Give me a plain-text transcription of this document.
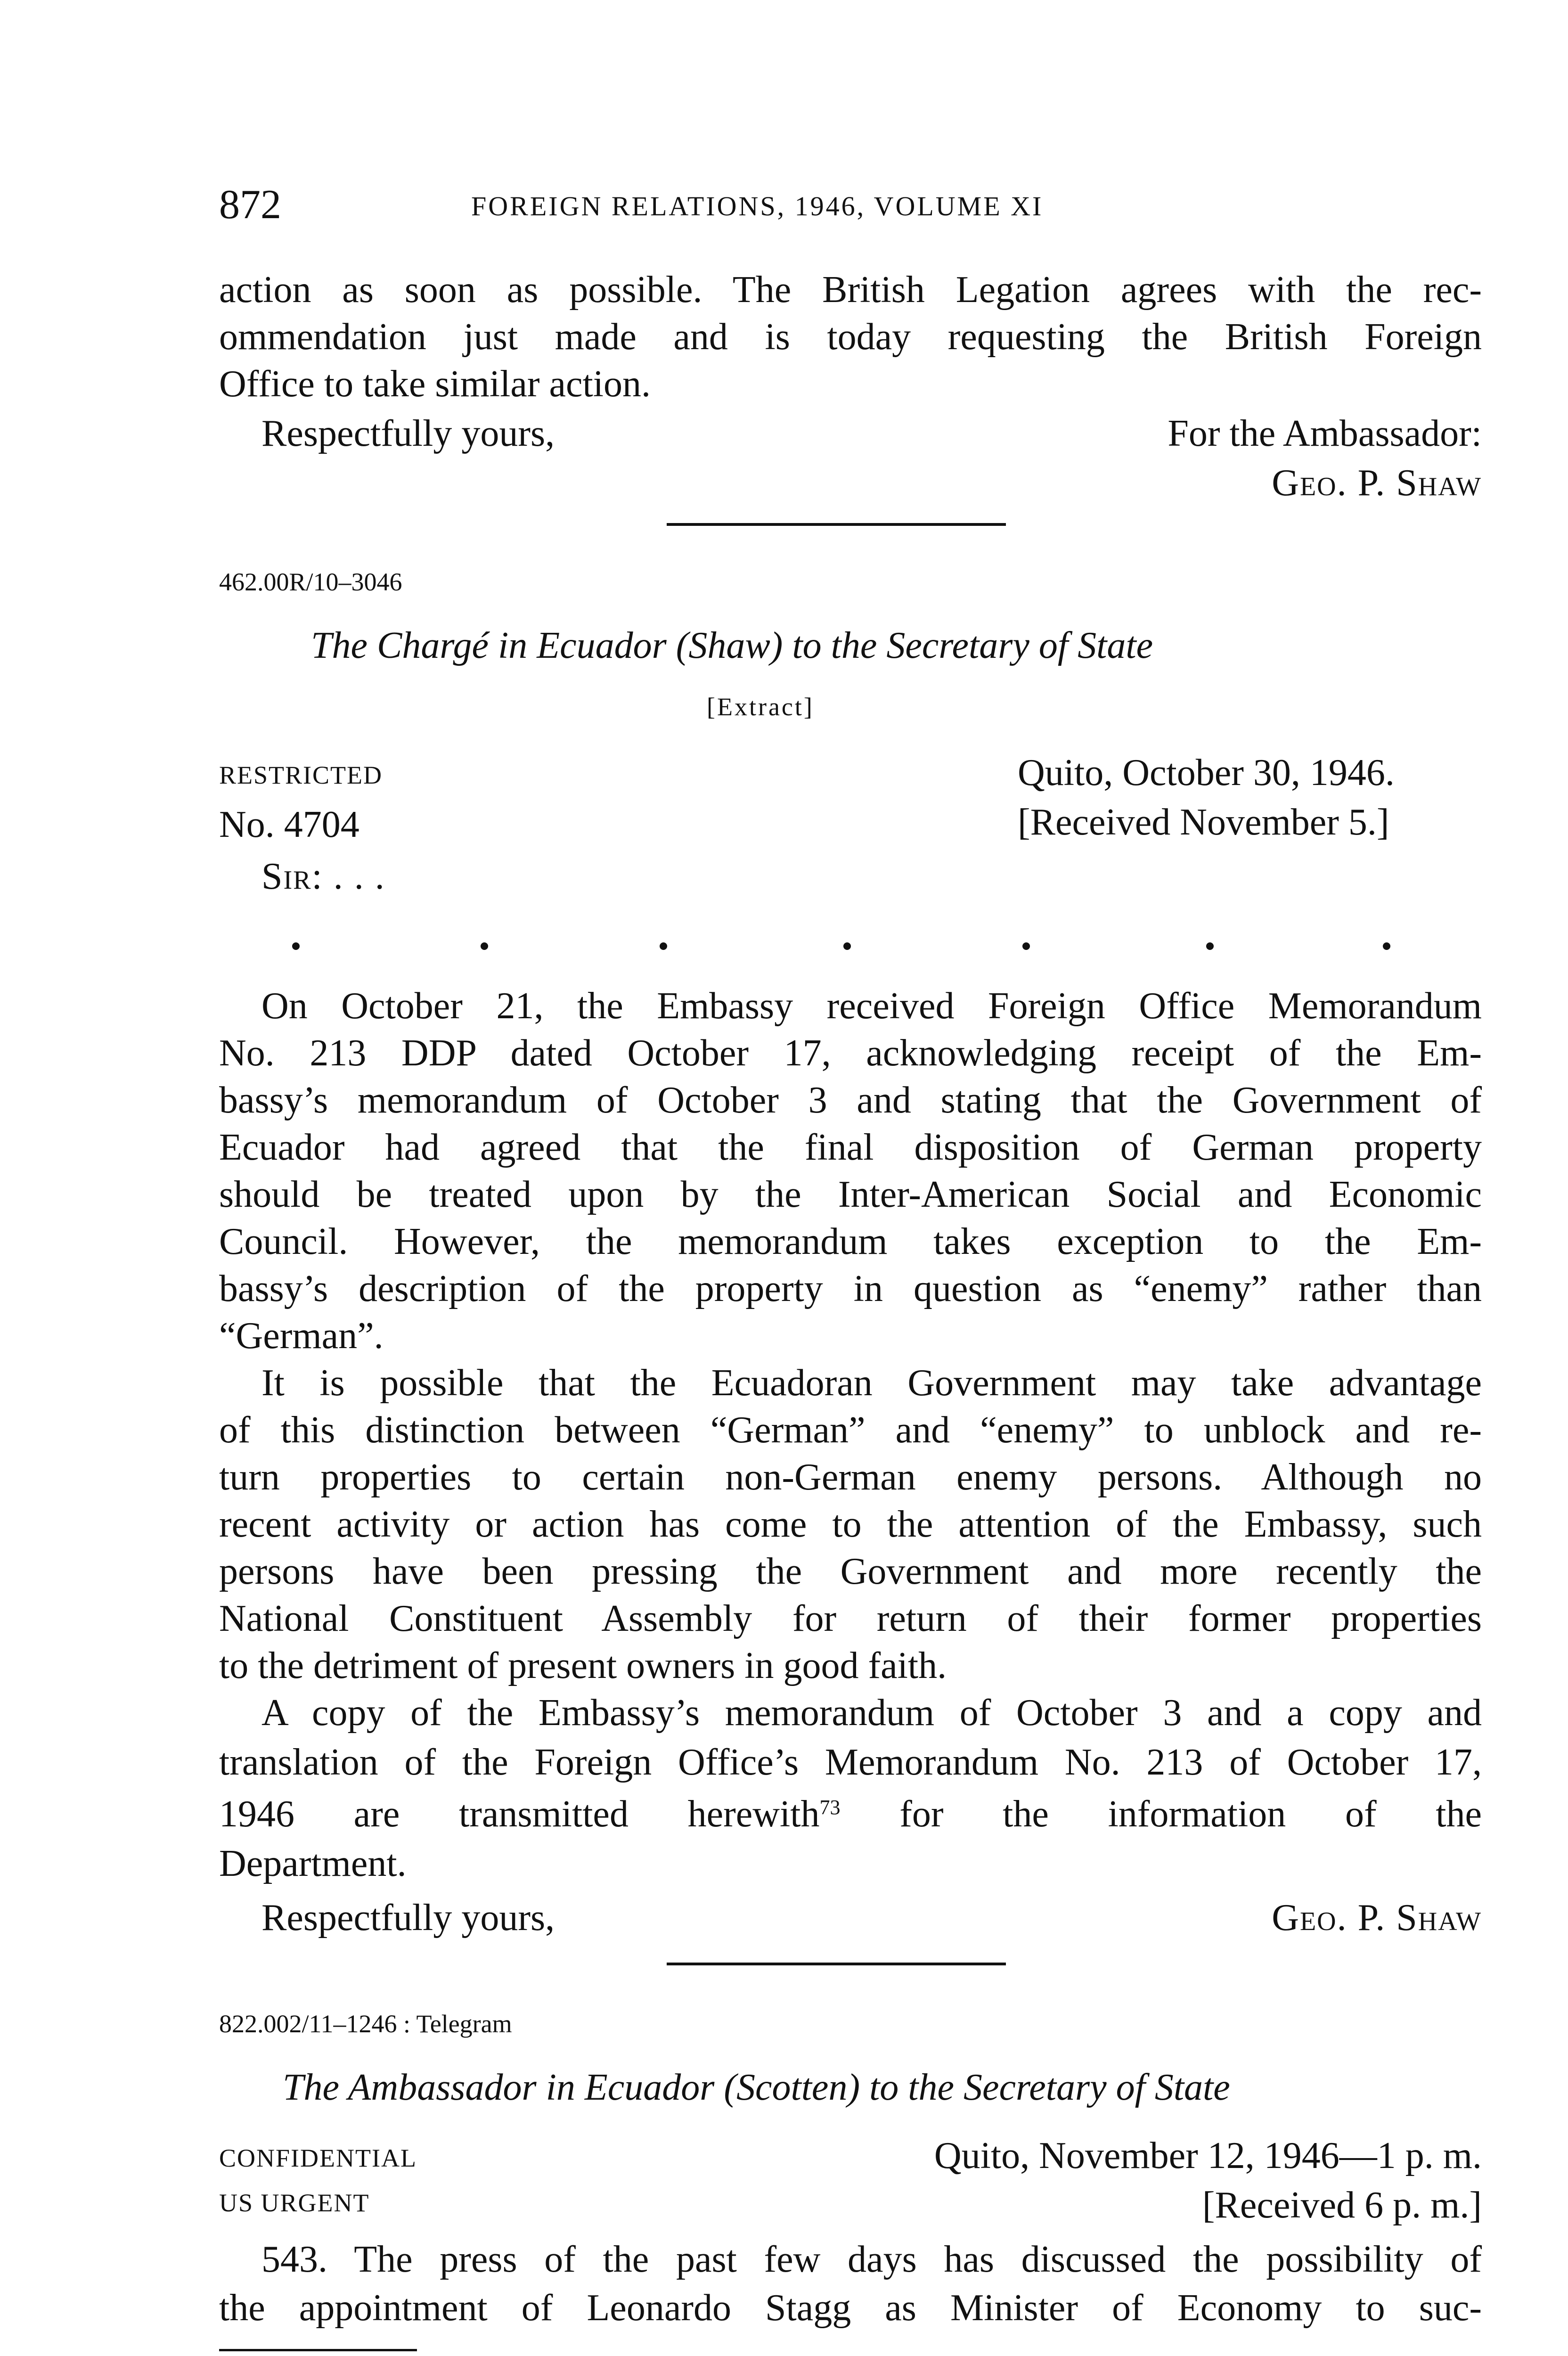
872	FOREIGN RELATIONS, 1946, VOLUME XI
action as soon as possible. The British Legation agrees with the rec-
ommendation just made and is today requesting the British Foreign
Office to take similar action.
Respectfully yours,	For the Ambassador:
Geo. P. Shaw
462.00R/10–3046
The Chargé in Ecuador (Shaw) to the Secretary of State
[Extract]
RESTRICTED
No. 4704
Sir: . . .
Quito, October 30, 1946.
[Received November 5.]
On October 21, the Embassy received Foreign Office Memorandum
No. 213 DDP dated October 17, acknowledging receipt of the Em-
bassy’s memorandum of October 3 and stating that the Government of
Ecuador had agreed that the final disposition of German property
should be treated upon by the Inter-American Social and Economic
Council. However, the memorandum takes exception to the Em-
bassy’s description of the property in question as “enemy” rather than
“German”.
It is possible that the Ecuadoran Government may take advantage
of this distinction between “German” and “enemy” to unblock and re-
turn properties to certain non-German enemy persons. Although no
recent activity or action has come to the attention of the Embassy, such
persons have been pressing the Government and more recently the
National Constituent Assembly for return of their former properties
to the detriment of present owners in good faith.
A copy of the Embassy’s memorandum of October 3 and a copy and
translation of the Foreign Office’s Memorandum No. 213 of October 17,
1946 are transmitted herewith$^{73}$ for the information of the
Department.
Respectfully yours,	Geo. P. Shaw
822.002/11–1246 : Telegram
The Ambassador in Ecuador (Scotten) to the Secretary of State
CONFIDENTIAL
US URGENT
Quito, November 12, 1946—1 p. m.
[Received 6 p. m.]
543. The press of the past few days has discussed the possibility of
the appointment of Leonardo Stagg as Minister of Economy to suc-
